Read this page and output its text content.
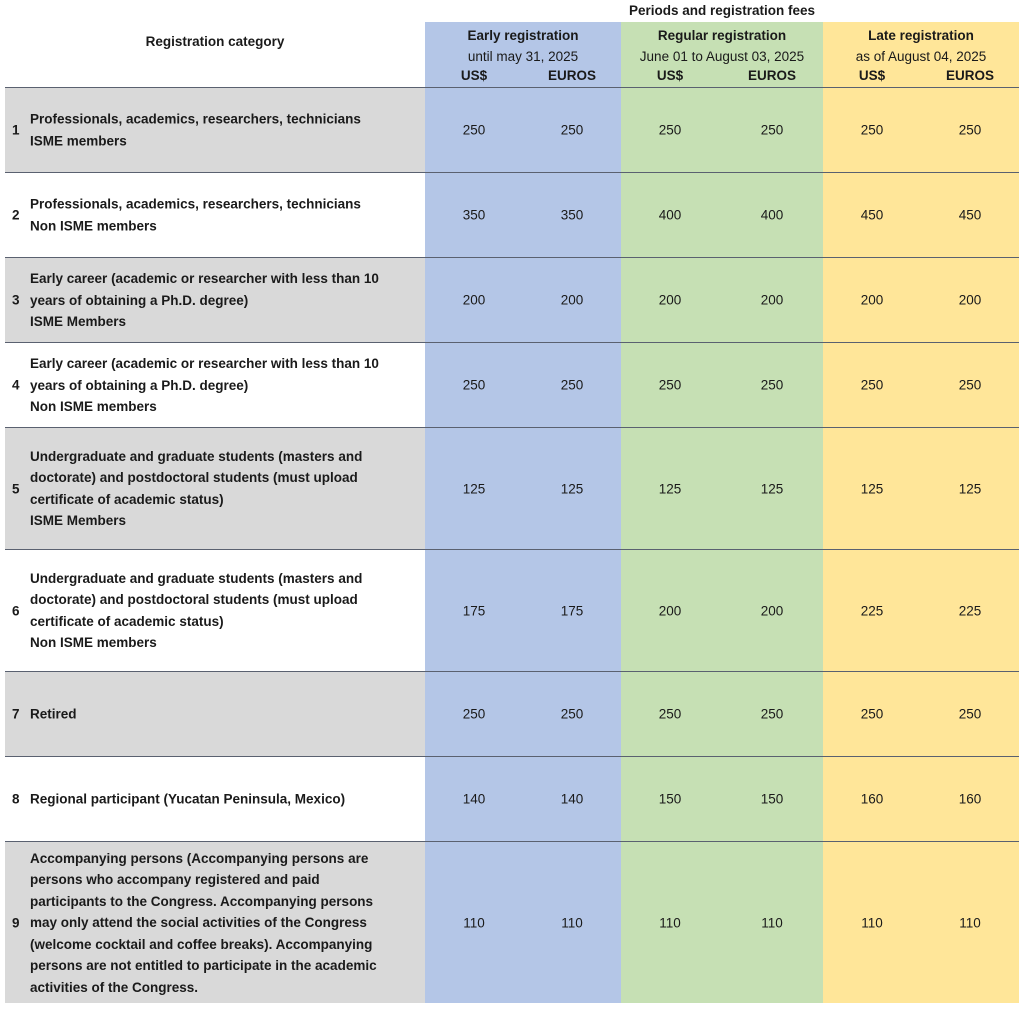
Periods and registration fees
Registration category	Early registration
until may 31, 2025
US$	EUROS
Regular registration
June 01 to August 03, 2025
US$	EUROS
Late registration
as of August 04, 2025
US$	EUROS
1
Professionals, academics, researchers, technicians
ISME members
250	250	250	250	250	250
2
Professionals, academics, researchers, technicians
Non ISME members
350	350	400	400	450	450
3
Early career (academic or researcher with less than 10
years of obtaining a Ph.D. degree)
ISME Members
200	200	200	200	200	200
4
Early career (academic or researcher with less than 10
years of obtaining a Ph.D. degree)
Non ISME members
250	250	250	250	250	250
5
Undergraduate and graduate students (masters and
doctorate) and postdoctoral students (must upload
certificate of academic status)
ISME Members
125	125	125	125	125	125
6
Undergraduate and graduate students (masters and
doctorate) and postdoctoral students (must upload
certificate of academic status)
Non ISME members
175	175	200	200	225	225
7 Retired	250	250	250	250	250	250
8 Regional participant (Yucatan Peninsula, Mexico)	140	140	150	150	160	160
9
Accompanying persons (Accompanying persons are
persons who accompany registered and paid
participants to the Congress. Accompanying persons
may only attend the social activities of the Congress
(welcome cocktail and coffee breaks). Accompanying
persons are not entitled to participate in the academic
activities of the Congress.
110	110	110	110	110	110
